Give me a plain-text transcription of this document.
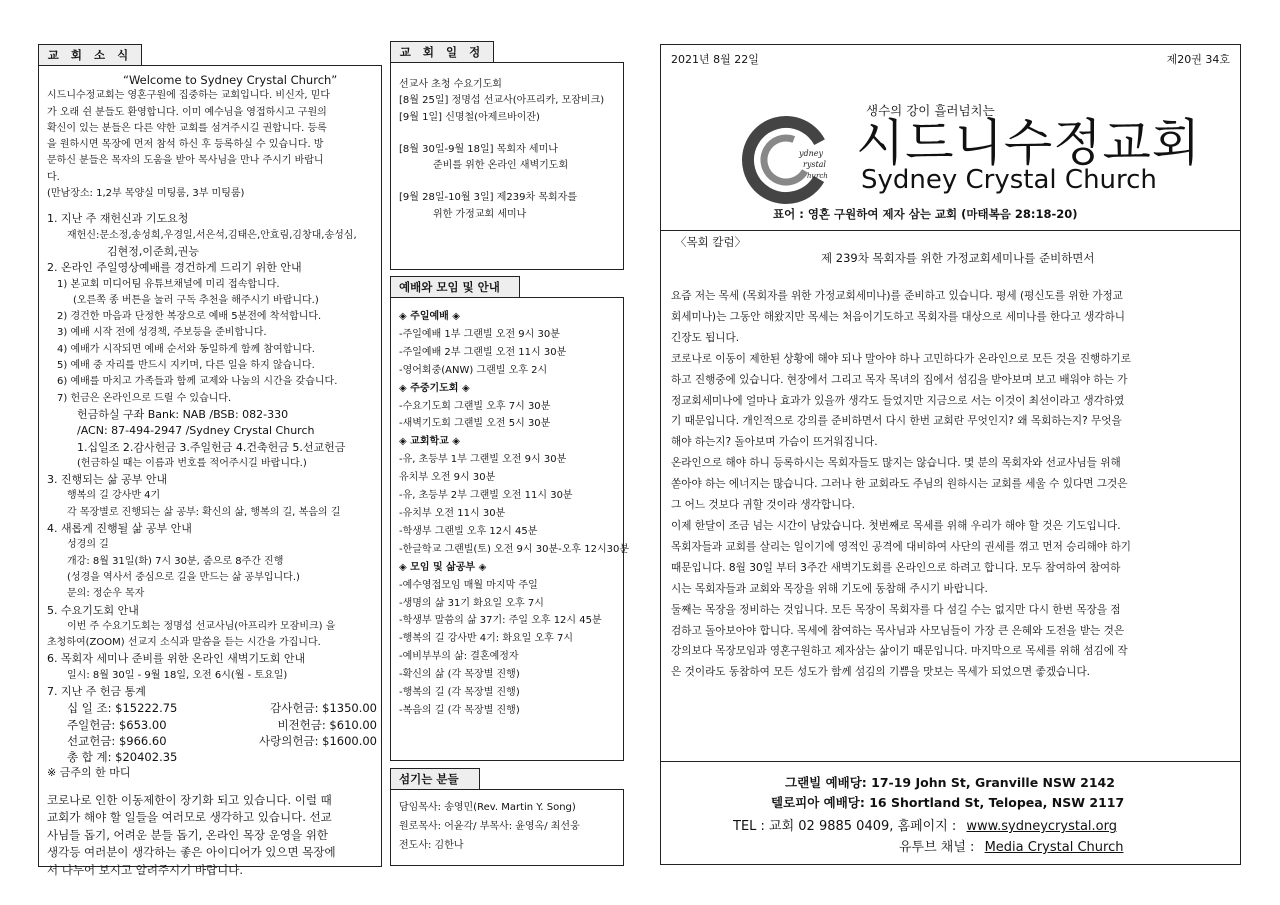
교 회 소 식
“Welcome to Sydney Crystal Church”
시드니수정교회는 영혼구원에 집중하는 교회입니다. 비신자, 믿다
가 오래 쉰 분들도 환영합니다. 이미 예수님을 영접하시고 구원의
확신이 있는 분들은 다른 약한 교회를 섬겨주시길 권합니다. 등록
을 원하시면 목장에 먼저 참석 하신 후 등록하실 수 있습니다. 방
문하신 분들은 목자의 도움을 받아 목사님을 만나 주시기 바랍니
다.
(만남장소: 1,2부 목양실 미팅룸, 3부 미팅룸)
1. 지난 주 재헌신과 기도요청
재헌신:문소정,송성희,우경일,서은석,김태은,안효림,김창대,송성심,
김현정,이준희,권능
2. 온라인 주일영상예배를 경건하게 드리기 위한 안내
1) 본교회 미디어팀 유튜브채널에 미리 접속합니다.
(오른쪽 종 버튼을 눌러 구독 추천을 해주시기 바랍니다.)
2) 경건한 마음과 단정한 복장으로 예배 5분전에 착석합니다.
3) 예배 시작 전에 성경책, 주보등을 준비합니다.
4) 예배가 시작되면 예배 순서와 동일하게 함께 참여합니다.
5) 예배 중 자리를 반드시 지키며, 다른 일을 하지 않습니다.
6) 예배를 마치고 가족들과 함께 교제와 나눔의 시간을 갖습니다.
7) 헌금은 온라인으로 드릴 수 있습니다.
헌금하실 구좌 Bank: NAB /BSB: 082-330
/ACN: 87-494-2947 /Sydney Crystal Church
1.십일조 2.감사헌금 3.주일헌금 4.건축헌금 5.선교헌금
(헌금하실 때는 이름과 번호를 적어주시길 바랍니다.)
3. 진행되는 삶 공부 안내
행복의 길 강사반 4기
각 목장별로 진행되는 삶 공부: 확신의 삶, 행복의 길, 복음의 길
4. 새롭게 진행될 삶 공부 안내
성경의 길
개강: 8월 31일(화) 7시 30분, 줌으로 8주간 진행
(성경을 역사서 중심으로 길을 만드는 삶 공부입니다.)
문의: 정순우 목자
5. 수요기도회 안내
이번 주 수요기도회는 정명섭 선교사님(아프리카 모잠비크) 을
초청하여(ZOOM) 선교지 소식과 말씀을 듣는 시간을 가집니다.
6. 목회자 세미나 준비를 위한 온라인 새벽기도회 안내
일시: 8월 30일 - 9월 18일, 오전 6시(월 - 토요일)
7. 지난 주 헌금 통계
십 일 조: $15222.75	감사헌금: $1350.00
주일헌금: $653.00	비전헌금: $610.00
선교헌금: $966.60	사랑의헌금: $1600.00
총 합 계: $20402.35
※ 금주의 한 마디
코로나로 인한 이동제한이 장기화 되고 있습니다. 이럴 때
교회가 해야 할 일들을 여러모로 생각하고 있습니다. 선교
사님들 돕기, 어려운 분들 돕기, 온라인 목장 운영을 위한
생각등 여러분이 생각하는 좋은 아이디어가 있으면 목장에
서 나누어 보시고 알려주시기 바랍니다.
교 회 일 정
선교사 초청 수요기도회
[8월 25일] 정명섭 선교사(아프리카, 모잠비크)
[9월 1일] 신명철(아제르바이잔)
[8월 30일-9월 18일] 목회자 세미나
준비를 위한 온라인 새벽기도회
[9월 28일-10월 3일] 제239차 목회자를
위한 가정교회 세미나
예배와 모임 및 안내
◈ 주일예배 ◈
-주일예배 1부 그랜빌 오전 9시 30분
-주일예배 2부 그랜빌 오전 11시 30분
-영어회중(ANW) 그랜빌 오후 2시
◈ 주중기도회 ◈
-수요기도회 그랜빌 오후 7시 30분
-새벽기도회 그랜빌 오전 5시 30분
◈ 교회학교 ◈
-유, 초등부 1부 그랜빌 오전 9시 30분
유치부 오전 9시 30분
-유, 초등부 2부 그랜빌 오전 11시 30분
-유치부 오전 11시 30분
-학생부 그랜빌 오후 12시 45분
-한글학교 그랜빌(토) 오전 9시 30분-오후 12시30분
◈ 모임 및 삶공부 ◈
-예수영접모임 매월 마지막 주일
-생명의 삶 31기 화요일 오후 7시
-학생부 말씀의 삶 37기: 주일 오후 12시 45분
-행복의 길 강사반 4기: 화요일 오후 7시
-예비부부의 삶: 결혼예정자
-확신의 삶 (각 목장별 진행)
-행복의 길 (각 목장별 진행)
-복음의 길 (각 목장별 진행)
섬기는 분들
담임목사: 송영민(Rev. Martin Y. Song)
원로목사: 어윤각/ 부목사: 윤영옥/ 최선웅
전도사: 김한나
2021년 8월 22일	제20권 34호
생수의 강이 흘러넘치는
ydney
rystal
hurch
시드니수정교회
Sydney Crystal Church
표어 : 영혼 구원하여 제자 삼는 교회 (마태복음 28:18-20)
〈목회 칼럼〉
제 239차 목회자를 위한 가정교회세미나를 준비하면서
요즘 저는 목세 (목회자를 위한 가정교회세미나)를 준비하고 있습니다. 평세 (평신도를 위한 가정교
회세미나)는 그동안 해왔지만 목세는 처음이기도하고 목회자를 대상으로 세미나를 한다고 생각하니
긴장도 됩니다.
코로나로 이동이 제한된 상황에 해야 되나 말아야 하나 고민하다가 온라인으로 모든 것을 진행하기로
하고 진행중에 있습니다. 현장에서 그리고 목자 목녀의 집에서 섬김을 받아보며 보고 배워야 하는 가
정교회세미나에 얼마나 효과가 있을까 생각도 들었지만 지금으로 서는 이것이 최선이라고 생각하였
기 때문입니다. 개인적으로 강의를 준비하면서 다시 한번 교회란 무엇인지? 왜 목회하는지? 무엇을
해야 하는지? 돌아보며 가슴이 뜨거워집니다.
온라인으로 해야 하니 등록하시는 목회자들도 많지는 않습니다. 몇 분의 목회자와 선교사님들 위해
쏟아야 하는 에너지는 많습니다. 그러나 한 교회라도 주님의 원하시는 교회를 세울 수 있다면 그것은
그 어느 것보다 귀할 것이라 생각합니다.
이제 한달이 조금 넘는 시간이 남았습니다. 첫번째로 목세를 위해 우리가 해야 할 것은 기도입니다.
목회자들과 교회를 살리는 일이기에 영적인 공격에 대비하여 사단의 권세를 꺾고 먼저 승리해야 하기
때문입니다. 8월 30일 부터 3주간 새벽기도회를 온라인으로 하려고 합니다. 모두 참여하여 참여하
시는 목회자들과 교회와 목장을 위해 기도에 동참해 주시기 바랍니다.
둘째는 목장을 정비하는 것입니다. 모든 목장이 목회자를 다 섬길 수는 없지만 다시 한번 목장을 점
검하고 돌아보아야 합니다. 목세에 참여하는 목사님과 사모님들이 가장 큰 은혜와 도전을 받는 것은
강의보다 목장모임과 영혼구원하고 제자삼는 삶이기 때문입니다. 마지막으로 목세를 위해 섬김에 작
은 것이라도 동참하여 모든 성도가 함께 섬김의 기쁨을 맛보는 목세가 되었으면 좋겠습니다.
그랜빌 예배당: 17-19 John St, Granville NSW 2142
텔로피아 예배당: 16 Shortland St, Telopea, NSW 2117
TEL : 교회 02 9885 0409, 홈페이지 : www.sydneycrystal.org
유투브 채널 : Media Crystal Church
